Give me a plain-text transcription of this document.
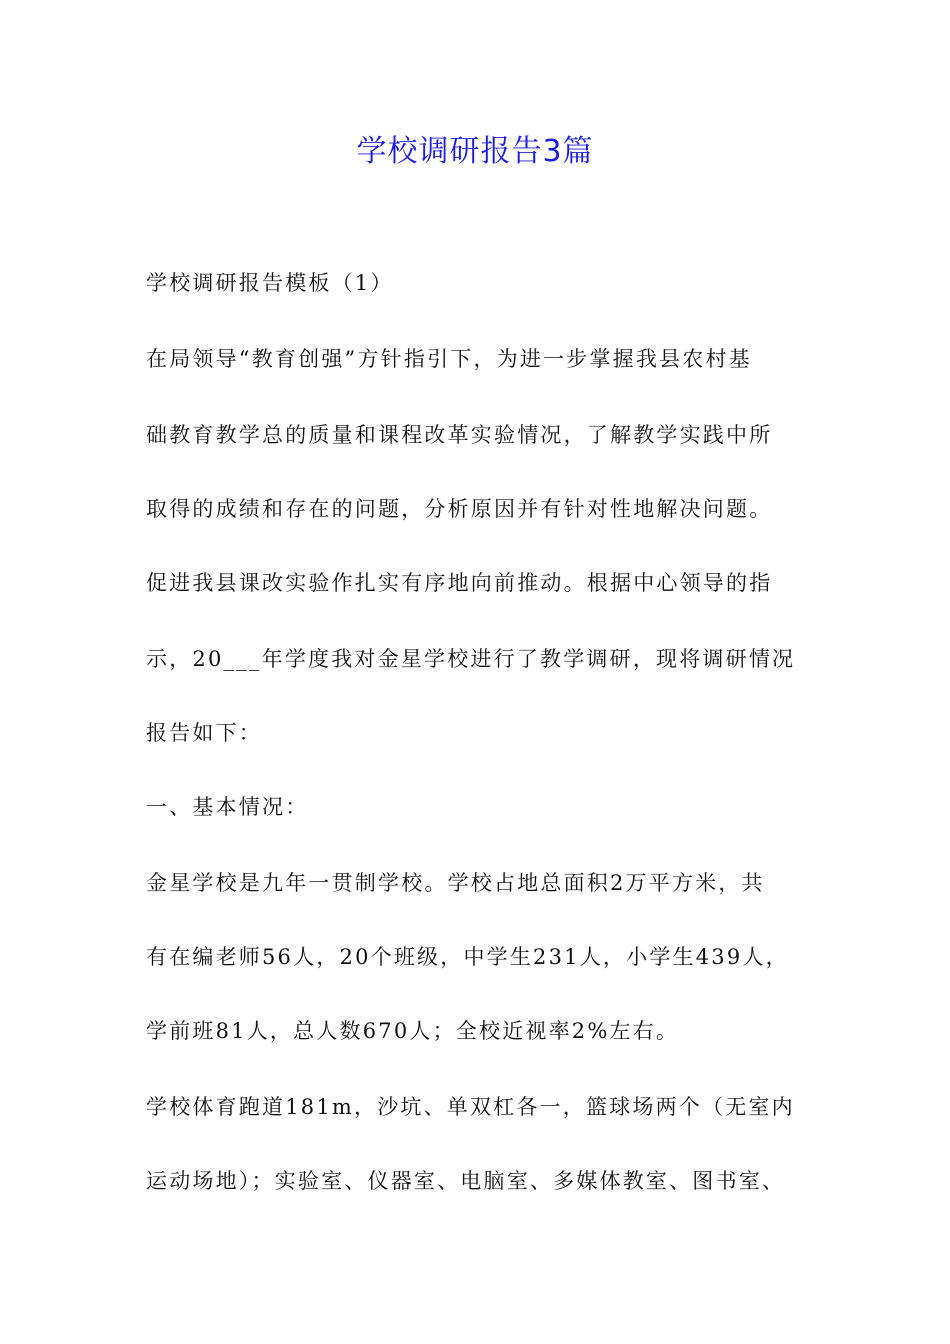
学校调研报告3篇
学校调研报告模板（1）
在局领导“教育创强”方针指引下，为进一步掌握我县农村基
础教育教学总的质量和课程改革实验情况，了解教学实践中所
取得的成绩和存在的问题，分析原因并有针对性地解决问题。
促进我县课改实验作扎实有序地向前推动。根据中心领导的指
示，20___年学度我对金星学校进行了教学调研，现将调研情况
报告如下：
一、基本情况：
金星学校是九年一贯制学校。学校占地总面积2万平方米，共
有在编老师56人，20个班级，中学生231人，小学生439人，
学前班81人，总人数670人；全校近视率2%左右。
学校体育跑道181m，沙坑、单双杠各一，篮球场两个（无室内
运动场地）；实验室、仪器室、电脑室、多媒体教室、图书室、
